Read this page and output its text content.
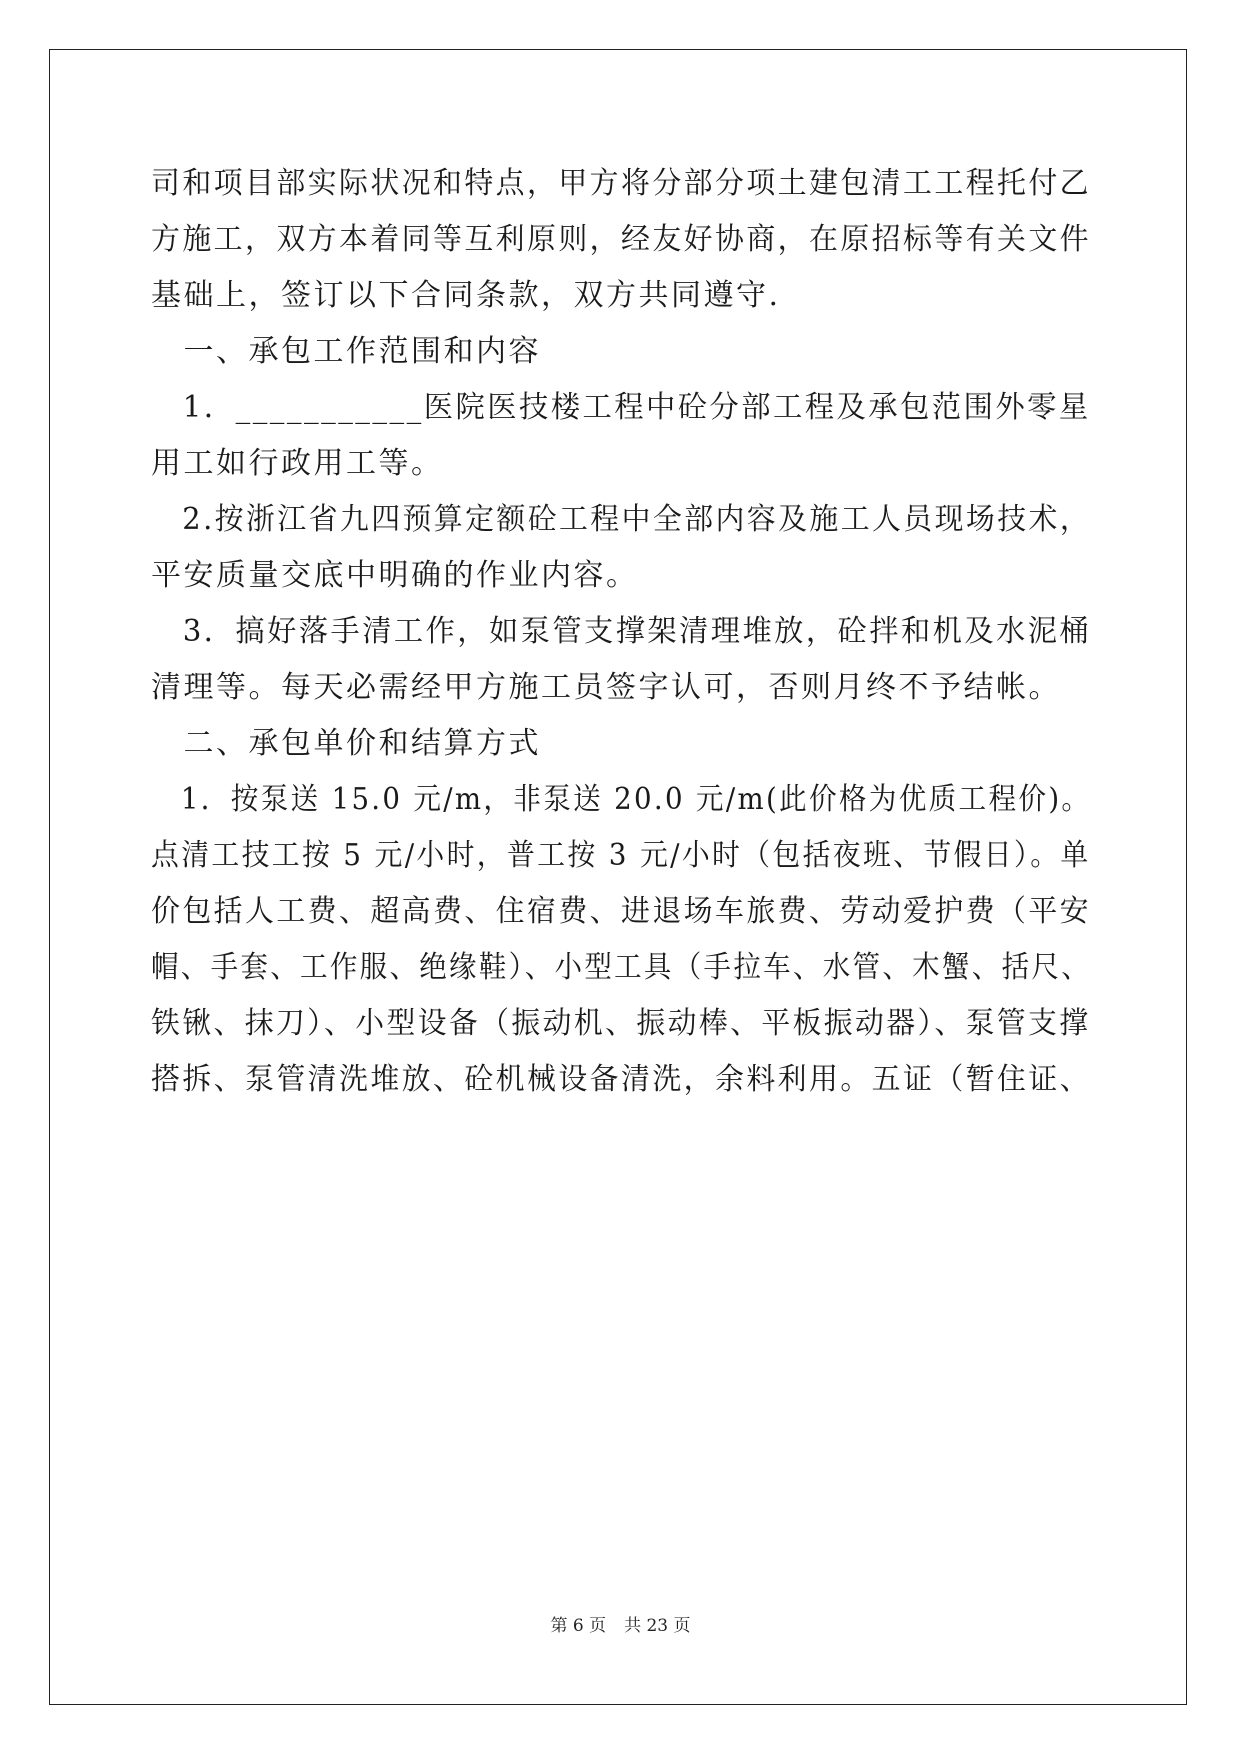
司和项目部实际状况和特点，甲方将分部分项土建包清工工程托付乙
方施工，双方本着同等互利原则，经友好协商，在原招标等有关文件
基础上，签订以下合同条款，双方共同遵守.
　一、承包工作范围和内容
　1．___________医院医技楼工程中砼分部工程及承包范围外零星
用工如行政用工等。
　2.按浙江省九四预算定额砼工程中全部内容及施工人员现场技术，
平安质量交底中明确的作业内容。
　3．搞好落手清工作，如泵管支撑架清理堆放，砼拌和机及水泥桶
清理等。每天必需经甲方施工员签字认可，否则月终不予结帐。
　二、承包单价和结算方式
　1．按泵送 15.0 元/m，非泵送 20.0 元/m(此价格为优质工程价)。
点清工技工按 5 元/小时，普工按 3 元/小时（包括夜班、节假日）。单
价包括人工费、超高费、住宿费、进退场车旅费、劳动爱护费（平安
帽、手套、工作服、绝缘鞋）、小型工具（手拉车、水管、木蟹、括尺、
铁锹、抹刀）、小型设备（振动机、振动棒、平板振动器）、泵管支撑
搭拆、泵管清洗堆放、砼机械设备清洗，余料利用。五证（暂住证、
第 6 页 共 23 页
